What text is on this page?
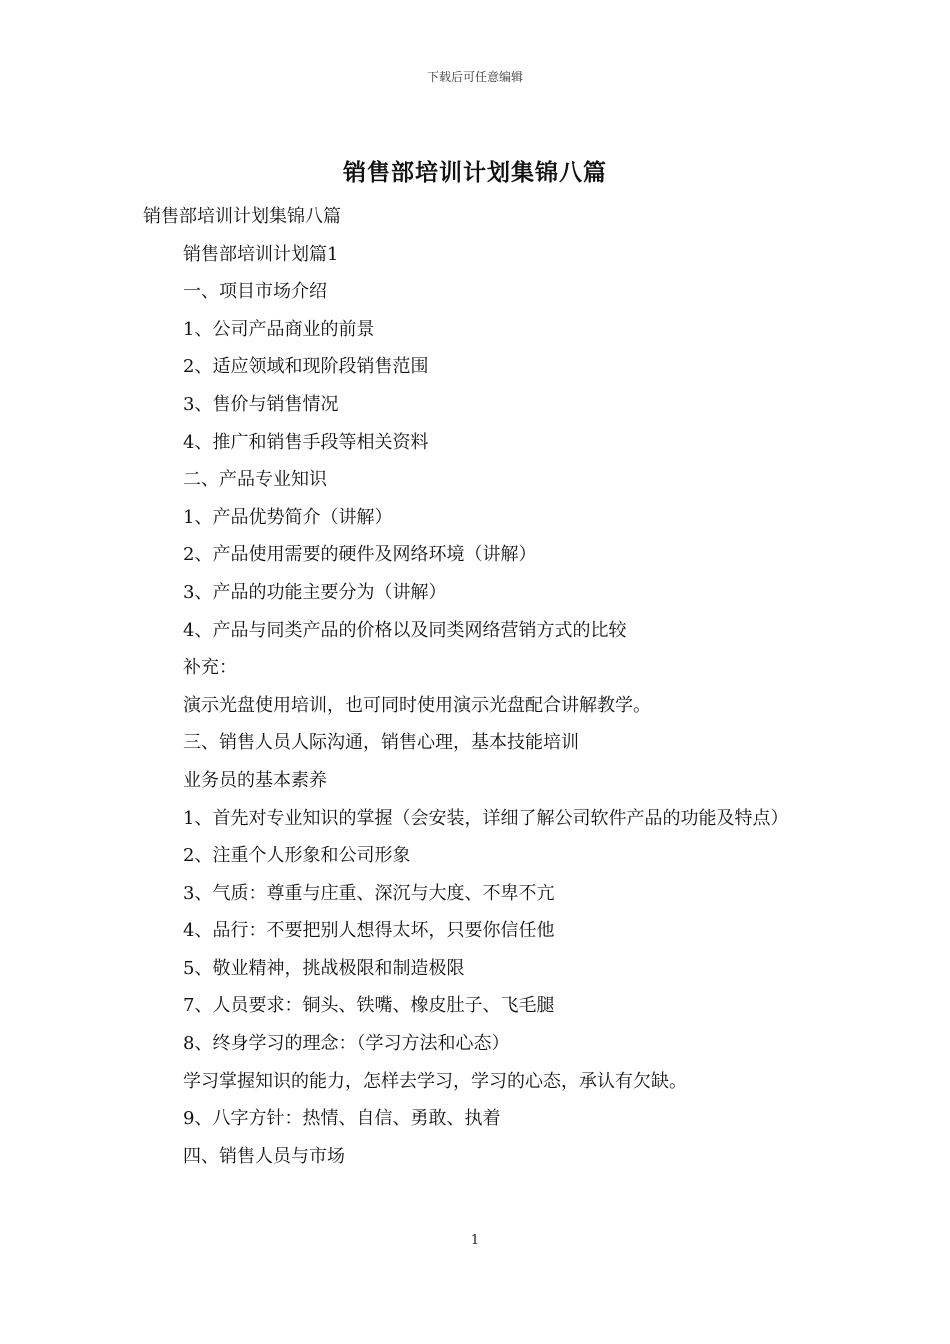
下载后可任意编辑
销售部培训计划集锦八篇

销售部培训计划集锦八篇

销售部培训计划篇1

一、项目市场介绍

1、公司产品商业的前景

2、适应领域和现阶段销售范围

3、售价与销售情况

4、推广和销售手段等相关资料

二、产品专业知识

1、产品优势简介（讲解）

2、产品使用需要的硬件及网络环境（讲解）

3、产品的功能主要分为（讲解）

4、产品与同类产品的价格以及同类网络营销方式的比较

补充：

演示光盘使用培训，也可同时使用演示光盘配合讲解教学。

三、销售人员人际沟通，销售心理，基本技能培训

业务员的基本素养

1、首先对专业知识的掌握（会安装，详细了解公司软件产品的功能及特点）

2、注重个人形象和公司形象

3、气质：尊重与庄重、深沉与大度、不卑不亢

4、品行：不要把别人想得太坏，只要你信任他

5、敬业精神，挑战极限和制造极限

7、人员要求：铜头、铁嘴、橡皮肚子、飞毛腿

8、终身学习的理念：（学习方法和心态）

学习掌握知识的能力，怎样去学习，学习的心态，承认有欠缺。

9、八字方针：热情、自信、勇敢、执着

四、销售人员与市场

1
